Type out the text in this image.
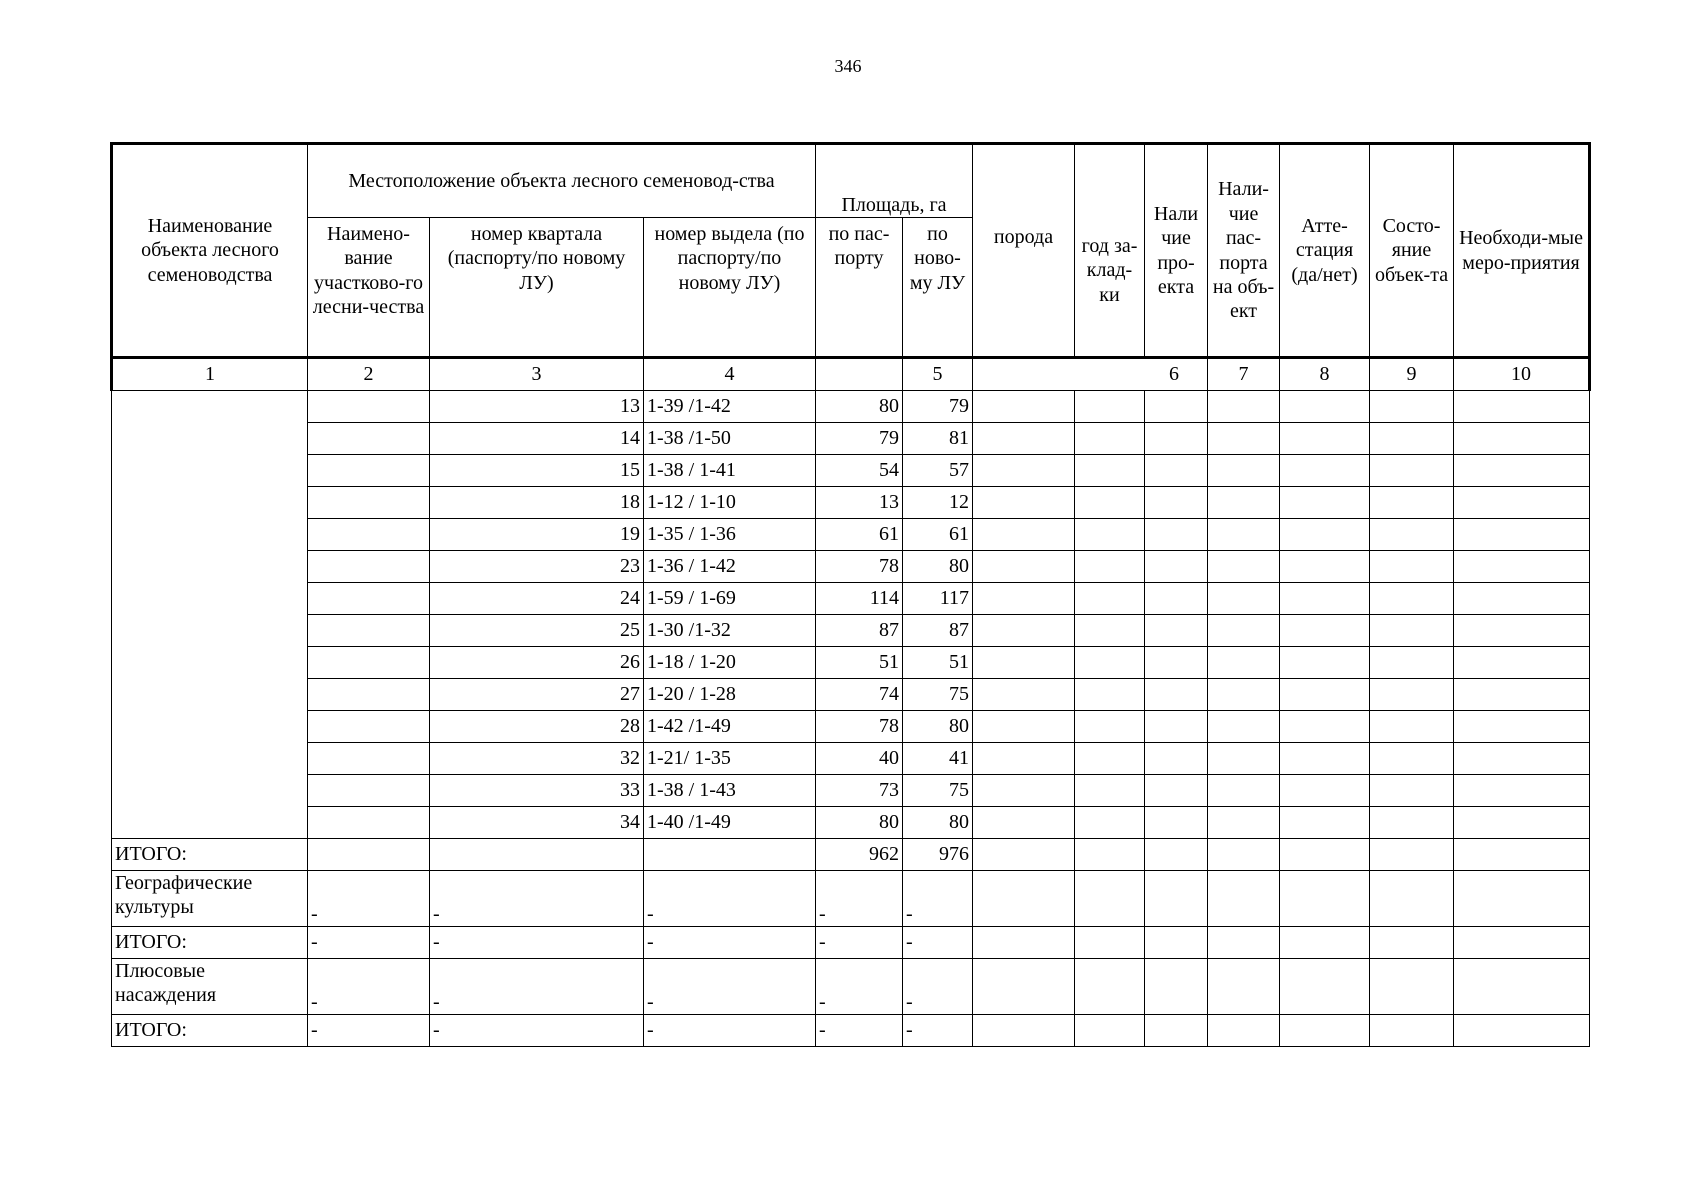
346
Наименование объекта лесного семеноводства	Местоположение объекта лесного семеновод-ства			Площадь, га		порода	год за-клад-ки	Нали чие про-екта	Нали-чие пас-порта на объ-ект	Атте-стация (да/нет)	Состо-яние объек-та	Необходи-мые меро-приятия
	Наимено-вание участково-го лесни-чества	номер квартала (паспорту/по новому ЛУ)	номер выдела (по паспорту/по новому ЛУ)	по пас-порту	по ново-му ЛУ							
1	2	3	4		5	6			7	8	9	10
		13	1-39 /1-42	80	79							
		14	1-38 /1-50	79	81							
		15	1-38 / 1-41	54	57							
		18	1-12 / 1-10	13	12							
		19	1-35 / 1-36	61	61							
		23	1-36 / 1-42	78	80							
		24	1-59 / 1-69	114	117							
		25	1-30 /1-32	87	87							
		26	1-18 / 1-20	51	51							
		27	1-20 / 1-28	74	75							
		28	1-42 /1-49	78	80							
		32	1-21/ 1-35	40	41							
		33	1-38 / 1-43	73	75							
		34	1-40 /1-49	80	80							
ИТОГО:				962	976							
Географические культуры	-	-	-	-	-							
ИТОГО:	-	-	-	-	-							
Плюсовые насаждения	-	-	-	-	-							
ИТОГО:	-	-	-	-	-							
